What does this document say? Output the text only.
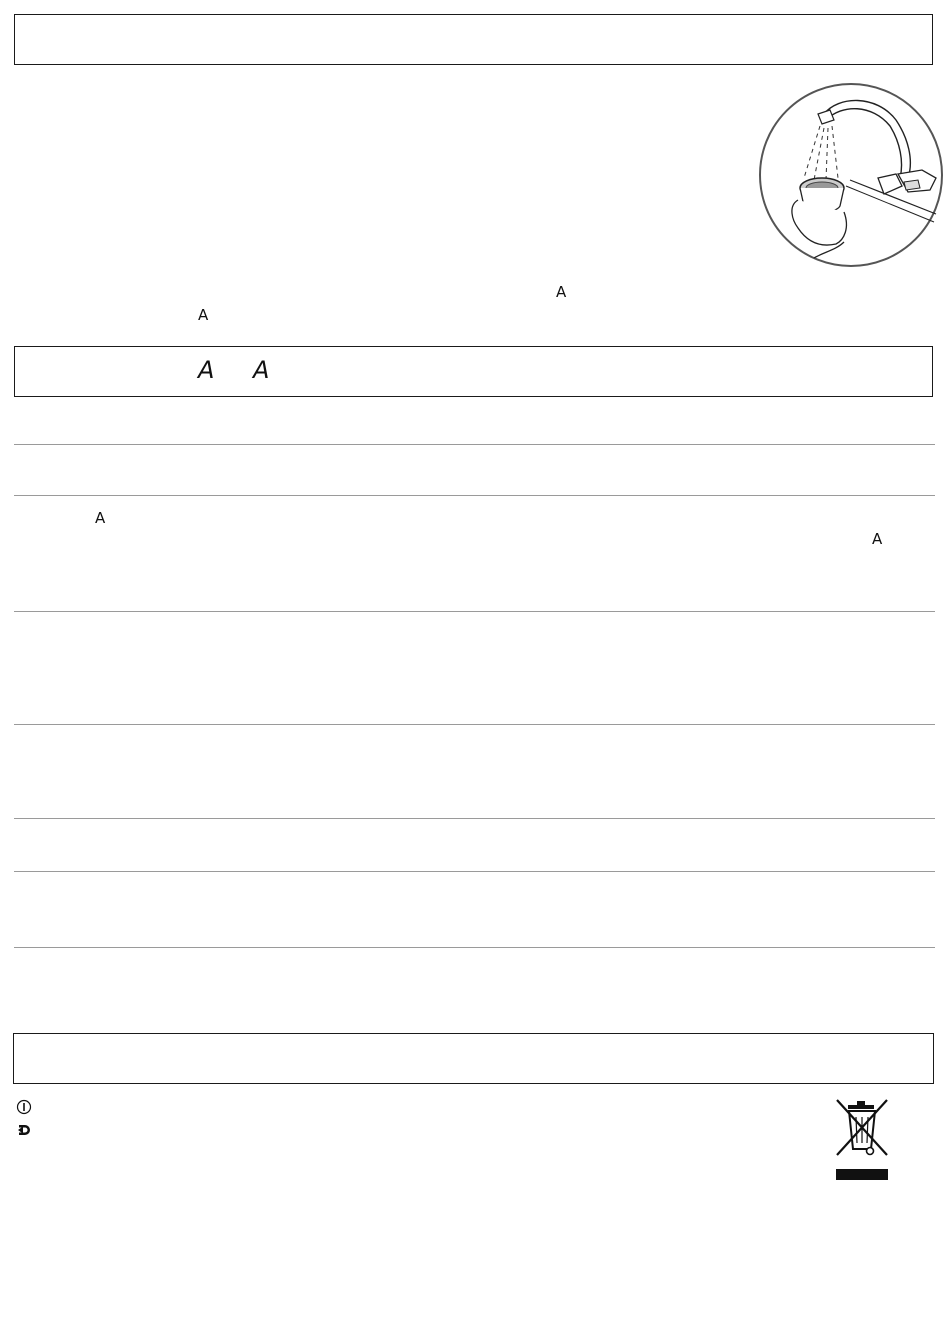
A
A
A A
A
A
